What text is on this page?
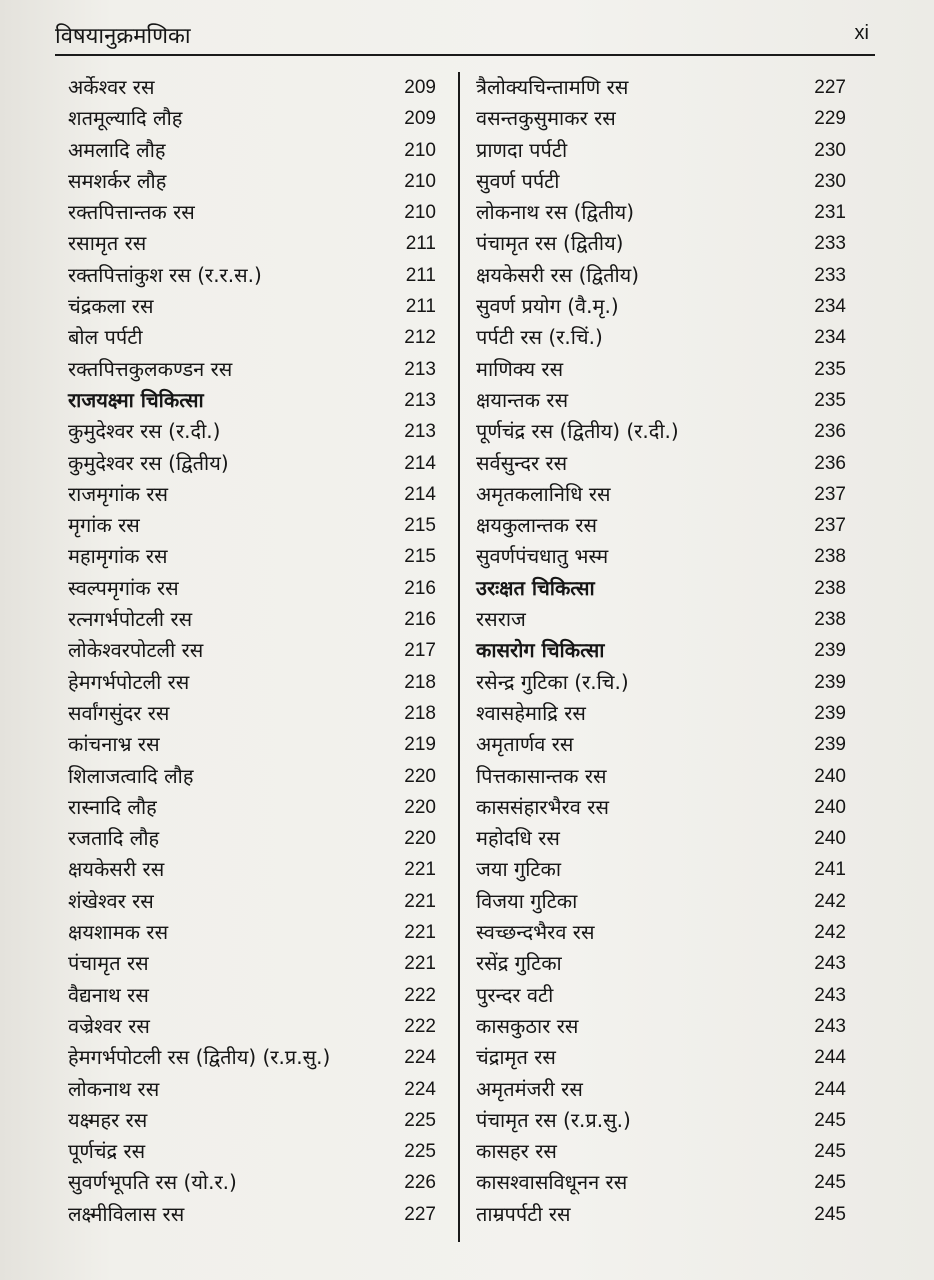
विषयानुक्रमणिका	xi
अर्केश्वर रस	209
शतमूल्यादि लौह	209
अमलादि लौह	210
समशर्कर लौह	210
रक्तपित्तान्तक रस	210
रसामृत रस	211
रक्तपित्तांकुश रस (र.र.स.)	211
चंद्रकला रस	211
बोल पर्पटी	212
रक्तपित्तकुलकण्डन रस	213
राजयक्ष्मा चिकित्सा	213
कुमुदेश्वर रस (र.दी.)	213
कुमुदेश्वर रस (द्वितीय)	214
राजमृगांक रस	214
मृगांक रस	215
महामृगांक रस	215
स्वल्पमृगांक रस	216
रत्नगर्भपोटली रस	216
लोकेश्वरपोटली रस	217
हेमगर्भपोटली रस	218
सर्वांगसुंदर रस	218
कांचनाभ्र रस	219
शिलाजत्वादि लौह	220
रास्नादि लौह	220
रजतादि लौह	220
क्षयकेसरी रस	221
शंखेश्वर रस	221
क्षयशामक रस	221
पंचामृत रस	221
वैद्यनाथ रस	222
वज्रेश्वर रस	222
हेमगर्भपोटली रस (द्वितीय) (र.प्र.सु.)	224
लोकनाथ रस	224
यक्ष्महर रस	225
पूर्णचंद्र रस	225
सुवर्णभूपति रस (यो.र.)	226
लक्ष्मीविलास रस	227
त्रैलोक्यचिन्तामणि रस	227
वसन्तकुसुमाकर रस	229
प्राणदा पर्पटी	230
सुवर्ण पर्पटी	230
लोकनाथ रस (द्वितीय)	231
पंचामृत रस (द्वितीय)	233
क्षयकेसरी रस (द्वितीय)	233
सुवर्ण प्रयोग (वै.मृ.)	234
पर्पटी रस (र.चिं.)	234
माणिक्य रस	235
क्षयान्तक रस	235
पूर्णचंद्र रस (द्वितीय) (र.दी.)	236
सर्वसुन्दर रस	236
अमृतकलानिधि रस	237
क्षयकुलान्तक रस	237
सुवर्णपंचधातु भस्म	238
उरःक्षत चिकित्सा	238
रसराज	238
कासरोग चिकित्सा	239
रसेन्द्र गुटिका (र.चि.)	239
श्वासहेमाद्रि रस	239
अमृतार्णव रस	239
पित्तकासान्तक रस	240
काससंहारभैरव रस	240
महोदधि रस	240
जया गुटिका	241
विजया गुटिका	242
स्वच्छन्दभैरव रस	242
रसेंद्र गुटिका	243
पुरन्दर वटी	243
कासकुठार रस	243
चंद्रामृत रस	244
अमृतमंजरी रस	244
पंचामृत रस (र.प्र.सु.)	245
कासहर रस	245
कासश्वासविधूनन रस	245
ताम्रपर्पटी रस	245
